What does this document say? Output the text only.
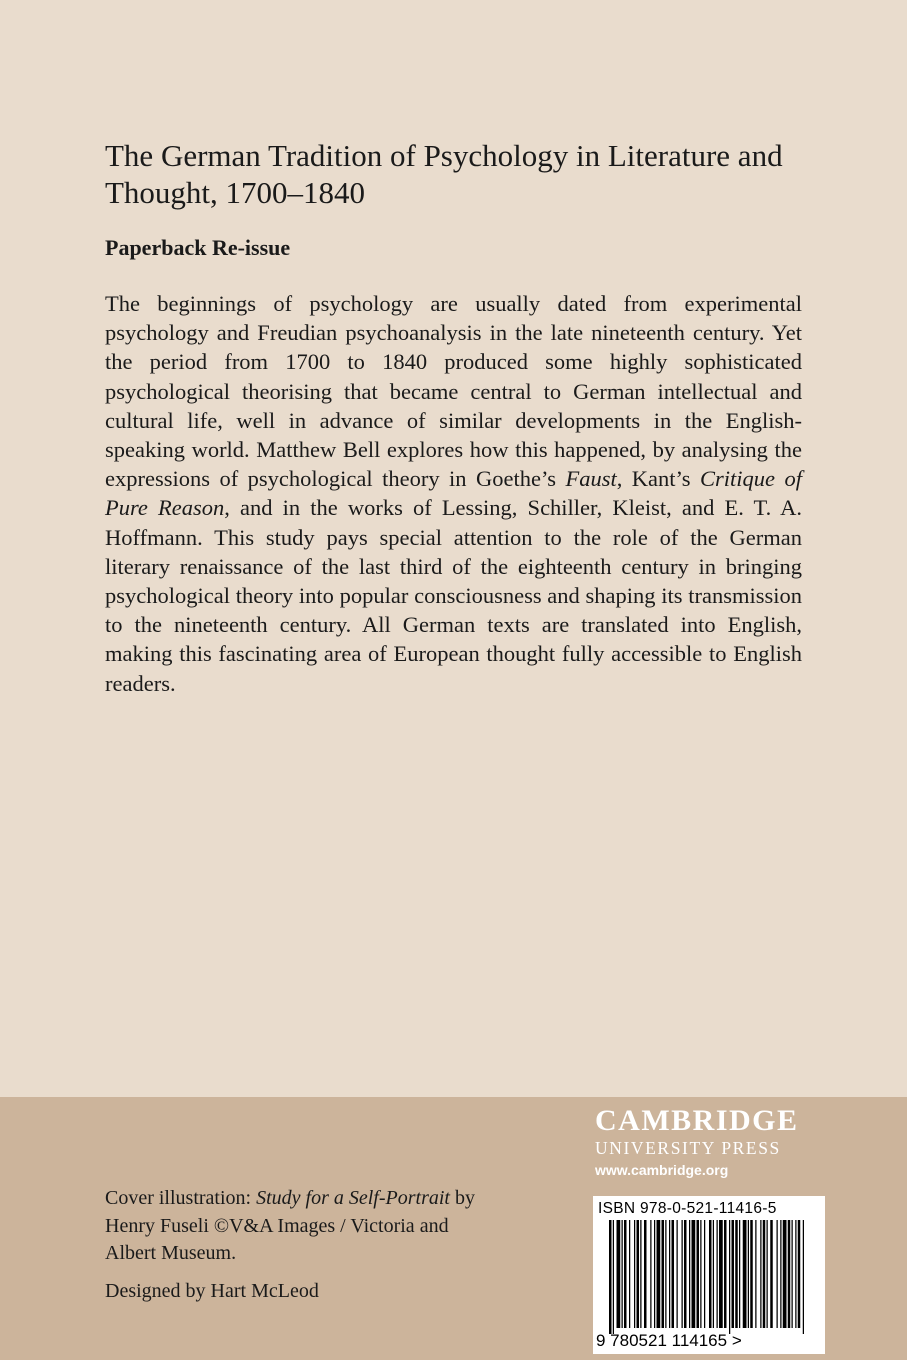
The German Tradition of Psychology in Literature and Thought, 1700–1840
Paperback Re-issue

The beginnings of psychology are usually dated from experimental psychology and Freudian psychoanalysis in the late nineteenth century. Yet the period from 1700 to 1840 produced some highly sophisticated psychological theorising that became central to German intellectual and cultural life, well in advance of similar developments in the English-speaking world. Matthew Bell explores how this happened, by analysing the expressions of psychological theory in Goethe’s Faust, Kant’s Critique of Pure Reason, and in the works of Lessing, Schiller, Kleist, and E. T. A. Hoffmann. This study pays special attention to the role of the German literary renaissance of the last third of the eighteenth century in bringing psychological theory into popular consciousness and shaping its transmission to the nineteenth century. All German texts are translated into English, making this fascinating area of European thought fully accessible to English readers.

Cover illustration: Study for a Self-Portrait by Henry Fuseli ©V&A Images / Victoria and Albert Museum.
Designed by Hart McLeod
CAMBRIDGE
UNIVERSITY PRESS
www.cambridge.org
ISBN 978-0-521-11416-5
9 780521 114165 >
